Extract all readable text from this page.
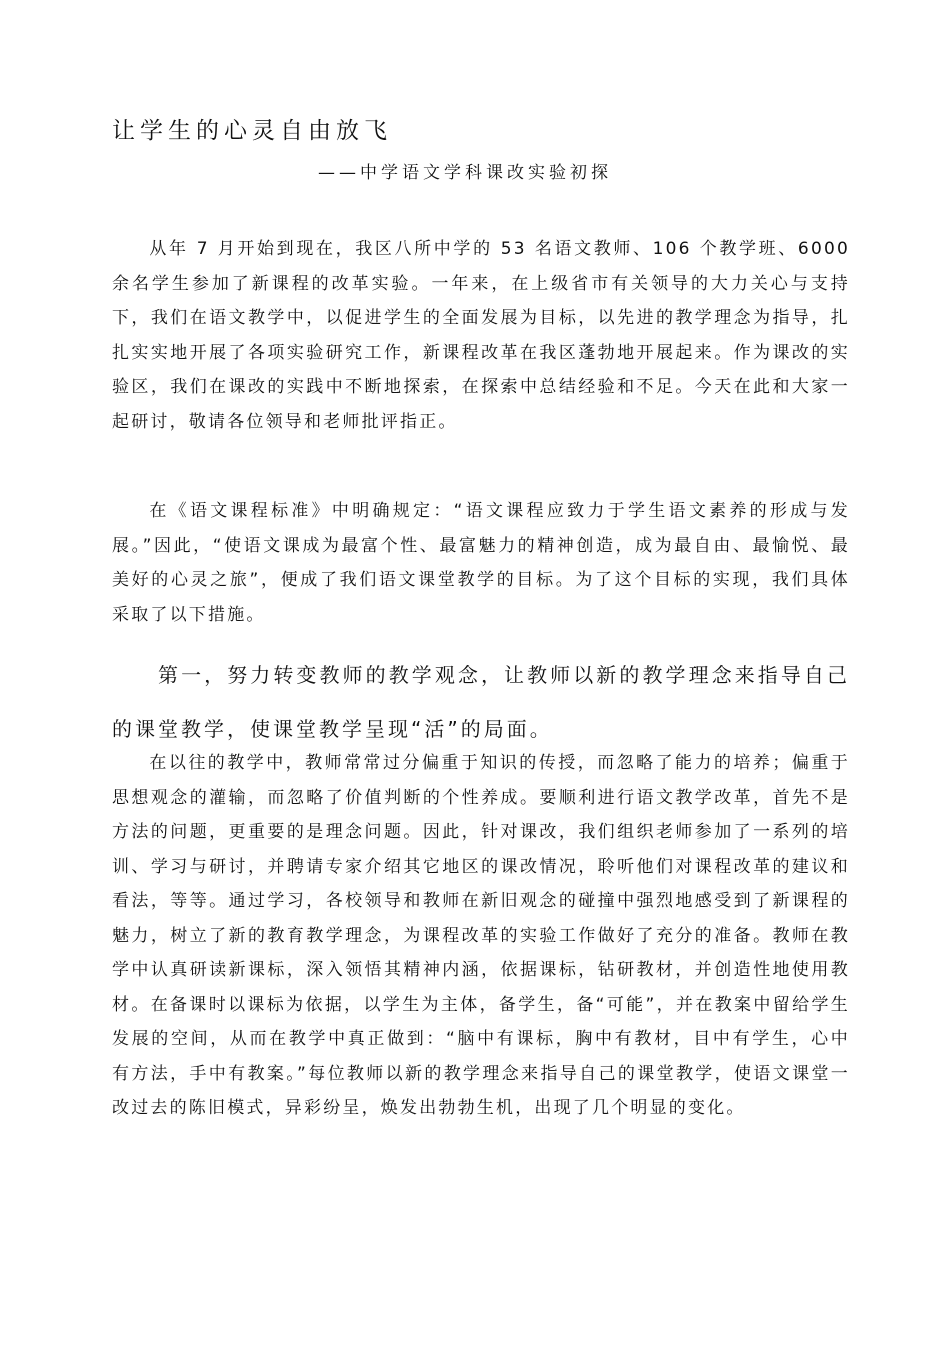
让学生的心灵自由放飞
——中学语文学科课改实验初探

从年 7 月开始到现在，我区八所中学的 53 名语文教师、106 个教学班、6000 余名学生参加了新课程的改革实验。一年来，在上级省市有关领导的大力关心与支持下，我们在语文教学中，以促进学生的全面发展为目标，以先进的教学理念为指导，扎扎实实地开展了各项实验研究工作，新课程改革在我区蓬勃地开展起来。作为课改的实验区，我们在课改的实践中不断地探索，在探索中总结经验和不足。今天在此和大家一起研讨，敬请各位领导和老师批评指正。

在《语文课程标准》中明确规定：“语文课程应致力于学生语文素养的形成与发展。”因此，“使语文课成为最富个性、最富魅力的精神创造，成为最自由、最愉悦、最美好的心灵之旅”，便成了我们语文课堂教学的目标。为了这个目标的实现，我们具体采取了以下措施。

第一，努力转变教师的教学观念，让教师以新的教学理念来指导自己的课堂教学，使课堂教学呈现“活”的局面。

在以往的教学中，教师常常过分偏重于知识的传授，而忽略了能力的培养；偏重于思想观念的灌输，而忽略了价值判断的个性养成。要顺利进行语文教学改革，首先不是方法的问题，更重要的是理念问题。因此，针对课改，我们组织老师参加了一系列的培训、学习与研讨，并聘请专家介绍其它地区的课改情况，聆听他们对课程改革的建议和看法，等等。通过学习，各校领导和教师在新旧观念的碰撞中强烈地感受到了新课程的魅力，树立了新的教育教学理念，为课程改革的实验工作做好了充分的准备。教师在教学中认真研读新课标，深入领悟其精神内涵，依据课标，钻研教材，并创造性地使用教材。在备课时以课标为依据，以学生为主体，备学生，备“可能”，并在教案中留给学生发展的空间，从而在教学中真正做到：“脑中有课标，胸中有教材，目中有学生，心中有方法，手中有教案。”每位教师以新的教学理念来指导自己的课堂教学，使语文课堂一改过去的陈旧模式，异彩纷呈，焕发出勃勃生机，出现了几个明显的变化。
